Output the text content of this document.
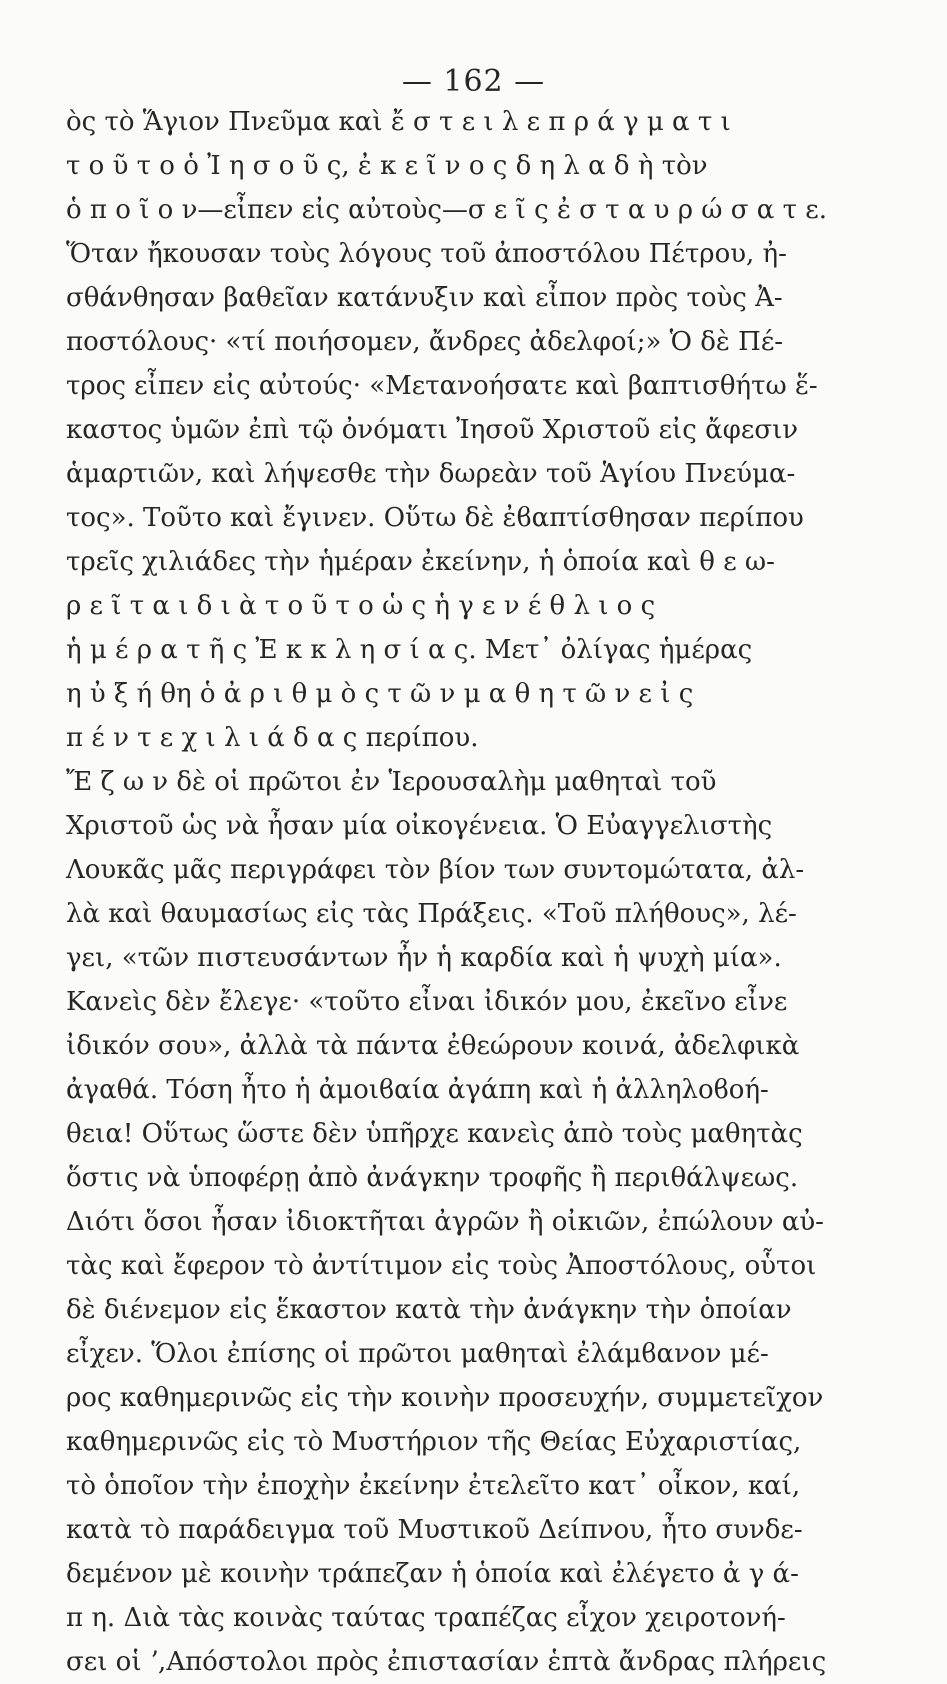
— 162 —
ὸς τὸ Ἅγιον Πνεῦμα καὶ ἔ σ τ ε ι λ ε π ρ ά γ μ α τ ι
τ ο ῦ τ ο ὁ Ἰ η σ ο ῦ ς, ἐ κ ε ῖ ν ο ς δ η λ α δ ὴ τὸν
ὁ π ο ῖ ο ν—εἶπεν εἰς αὐτοὺς—σ ε ῖ ς ἐ σ τ α υ ρ ώ σ α τ ε.
Ὅταν ἤκουσαν τοὺς λόγους τοῦ ἀποστόλου Πέτρου, ἠ-
σθάνθησαν βαθεῖαν κατάνυξιν καὶ εἶπον πρὸς τοὺς Ἀ-
ποστόλους· «τί ποιήσομεν, ἄνδρες ἀδελφοί;» Ὁ δὲ Πέ-
τρος εἶπεν εἰς αὐτούς· «Μετανοήσατε καὶ βαπτισθήτω ἕ-
καστος ὑμῶν ἐπὶ τῷ ὀνόματι Ἰησοῦ Χριστοῦ εἰς ἄφεσιν
ἁμαρτιῶν, καὶ λήψεσθε τὴν δωρεὰν τοῦ Ἁγίου Πνεύμα-
τος». Τοῦτο καὶ ἔγινεν. Οὕτω δὲ ἐϐαπτίσθησαν περίπου
τρεῖς χιλιάδες τὴν ἡμέραν ἐκείνην, ἡ ὁποία καὶ θ ε ω-
ρ ε ῖ τ α ι δ ι ὰ τ ο ῦ τ ο ὡ ς ἡ γ ε ν έ θ λ ι ο ς
ἡ μ έ ρ α τ ῆ ς Ἐ κ κ λ η σ ί α ς. Μετ᾽ ὀλίγας ἡμέρας
η ὐ ξ ή θη ὁ ἀ ρ ι θ μ ὸ ς τ ῶ ν μ α θ η τ ῶ ν ε ἰ ς
π έ ν τ ε χ ι λ ι ά δ α ς περίπου.
Ἔ ζ ω ν δὲ οἱ πρῶτοι ἐν Ἱερουσαλὴμ μαθηταὶ τοῦ
Χριστοῦ ὡς νὰ ἦσαν μία οἰκογένεια. Ὁ Εὐαγγελιστὴς
Λουκᾶς μᾶς περιγράφει τὸν βίον των συντομώτατα, ἀλ-
λὰ καὶ θαυμασίως εἰς τὰς Πράξεις. «Τοῦ πλήθους», λέ-
γει, «τῶν πιστευσάντων ἦν ἡ καρδία καὶ ἡ ψυχὴ μία».
Κανεὶς δὲν ἔλεγε· «τοῦτο εἶναι ἰδικόν μου, ἐκεῖνο εἶνε
ἰδικόν σου», ἀλλὰ τὰ πάντα ἐθεώρουν κοινά, ἀδελφικὰ
ἀγαθά. Τόση ἦτο ἡ ἀμοιϐαία ἀγάπη καὶ ἡ ἀλληλοϐοή-
θεια! Οὕτως ὥστε δὲν ὑπῆρχε κανεὶς ἀπὸ τοὺς μαθητὰς
ὅστις νὰ ὑποφέρῃ ἀπὸ ἀνάγκην τροφῆς ἢ περιθάλψεως.
Διότι ὅσοι ἦσαν ἰδιοκτῆται ἀγρῶν ἢ οἰκιῶν, ἐπώλουν αὐ-
τὰς καὶ ἔφερον τὸ ἀντίτιμον εἰς τοὺς Ἀποστόλους, οὗτοι
δὲ διένεμον εἰς ἕκαστον κατὰ τὴν ἀνάγκην τὴν ὁποίαν
εἶχεν. Ὅλοι ἐπίσης οἱ πρῶτοι μαθηταὶ ἐλάμϐανον μέ-
ρος καθημερινῶς εἰς τὴν κοινὴν προσευχήν, συμμετεῖχον
καθημερινῶς εἰς τὸ Μυστήριον τῆς Θείας Εὐχαριστίας,
τὸ ὁποῖον τὴν ἐποχὴν ἐκείνην ἐτελεῖτο κατ᾽ οἶκον, καί,
κατὰ τὸ παράδειγμα τοῦ Μυστικοῦ Δείπνου, ἦτο συνδε-
δεμένον μὲ κοινὴν τράπεζαν ἡ ὁποία καὶ ἐλέγετο ἀ γ ά-
π η. Διὰ τὰς κοινὰς ταύτας τραπέζας εἶχον χειροτονή-
σει οἱ ʼ,Απόστολοι πρὸς ἐπιστασίαν ἑπτὰ ἄνδρας πλήρεις
